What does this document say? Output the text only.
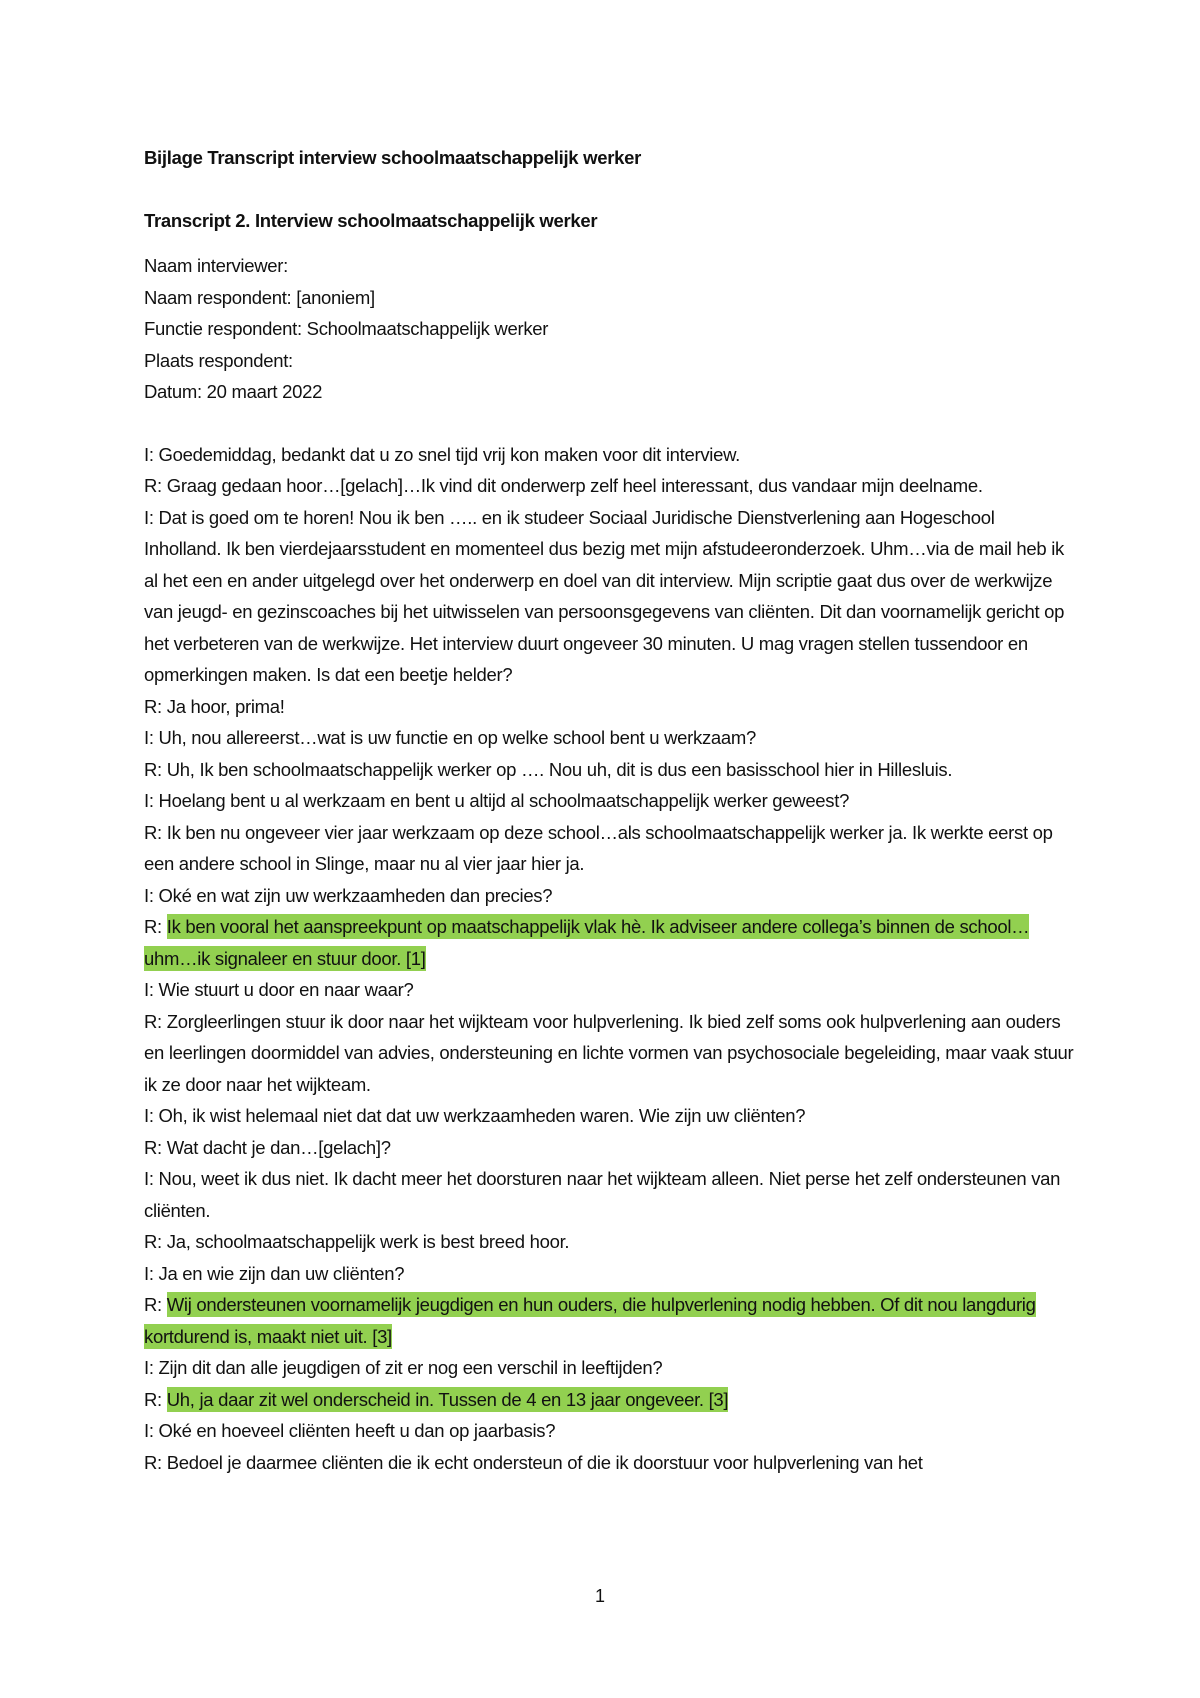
Bijlage Transcript interview schoolmaatschappelijk werker

Transcript 2. Interview schoolmaatschappelijk werker

Naam interviewer:
Naam respondent: [anoniem]
Functie respondent: Schoolmaatschappelijk werker
Plaats respondent:
Datum: 20 maart 2022

I: Goedemiddag, bedankt dat u zo snel tijd vrij kon maken voor dit interview.

R: Graag gedaan hoor…[gelach]…Ik vind dit onderwerp zelf heel interessant, dus vandaar mijn deelname.

I: Dat is goed om te horen! Nou ik ben ….. en ik studeer Sociaal Juridische Dienstverlening aan Hogeschool Inholland. Ik ben vierdejaarsstudent en momenteel dus bezig met mijn afstudeeronderzoek. Uhm…via de mail heb ik al het een en ander uitgelegd over het onderwerp en doel van dit interview. Mijn scriptie gaat dus over de werkwijze van jeugd- en gezinscoaches bij het uitwisselen van persoonsgegevens van cliënten. Dit dan voornamelijk gericht op het verbeteren van de werkwijze. Het interview duurt ongeveer 30 minuten. U mag vragen stellen tussendoor en opmerkingen maken. Is dat een beetje helder?

R: Ja hoor, prima!

I: Uh, nou allereerst…wat is uw functie en op welke school bent u werkzaam?

R: Uh, Ik ben schoolmaatschappelijk werker op …. Nou uh, dit is dus een basisschool hier in Hillesluis.

I: Hoelang bent u al werkzaam en bent u altijd al schoolmaatschappelijk werker geweest?

R: Ik ben nu ongeveer vier jaar werkzaam op deze school…als schoolmaatschappelijk werker ja. Ik werkte eerst op een andere school in Slinge, maar nu al vier jaar hier ja.

I: Oké en wat zijn uw werkzaamheden dan precies?

R: Ik ben vooral het aanspreekpunt op maatschappelijk vlak hè. Ik adviseer andere collega’s binnen de school…uhm…ik signaleer en stuur door. [1]

I: Wie stuurt u door en naar waar?

R: Zorgleerlingen stuur ik door naar het wijkteam voor hulpverlening. Ik bied zelf soms ook hulpverlening aan ouders en leerlingen doormiddel van advies, ondersteuning en lichte vormen van psychosociale begeleiding, maar vaak stuur ik ze door naar het wijkteam.

I: Oh, ik wist helemaal niet dat dat uw werkzaamheden waren. Wie zijn uw cliënten?

R: Wat dacht je dan…[gelach]?

I: Nou, weet ik dus niet. Ik dacht meer het doorsturen naar het wijkteam alleen. Niet perse het zelf ondersteunen van cliënten.

R: Ja, schoolmaatschappelijk werk is best breed hoor.

I: Ja en wie zijn dan uw cliënten?

R: Wij ondersteunen voornamelijk jeugdigen en hun ouders, die hulpverlening nodig hebben. Of dit nou langdurig kortdurend is, maakt niet uit. [3]

I: Zijn dit dan alle jeugdigen of zit er nog een verschil in leeftijden?

R: Uh, ja daar zit wel onderscheid in. Tussen de 4 en 13 jaar ongeveer. [3]

I: Oké en hoeveel cliënten heeft u dan op jaarbasis?

R: Bedoel je daarmee cliënten die ik echt ondersteun of die ik doorstuur voor hulpverlening van het

1
